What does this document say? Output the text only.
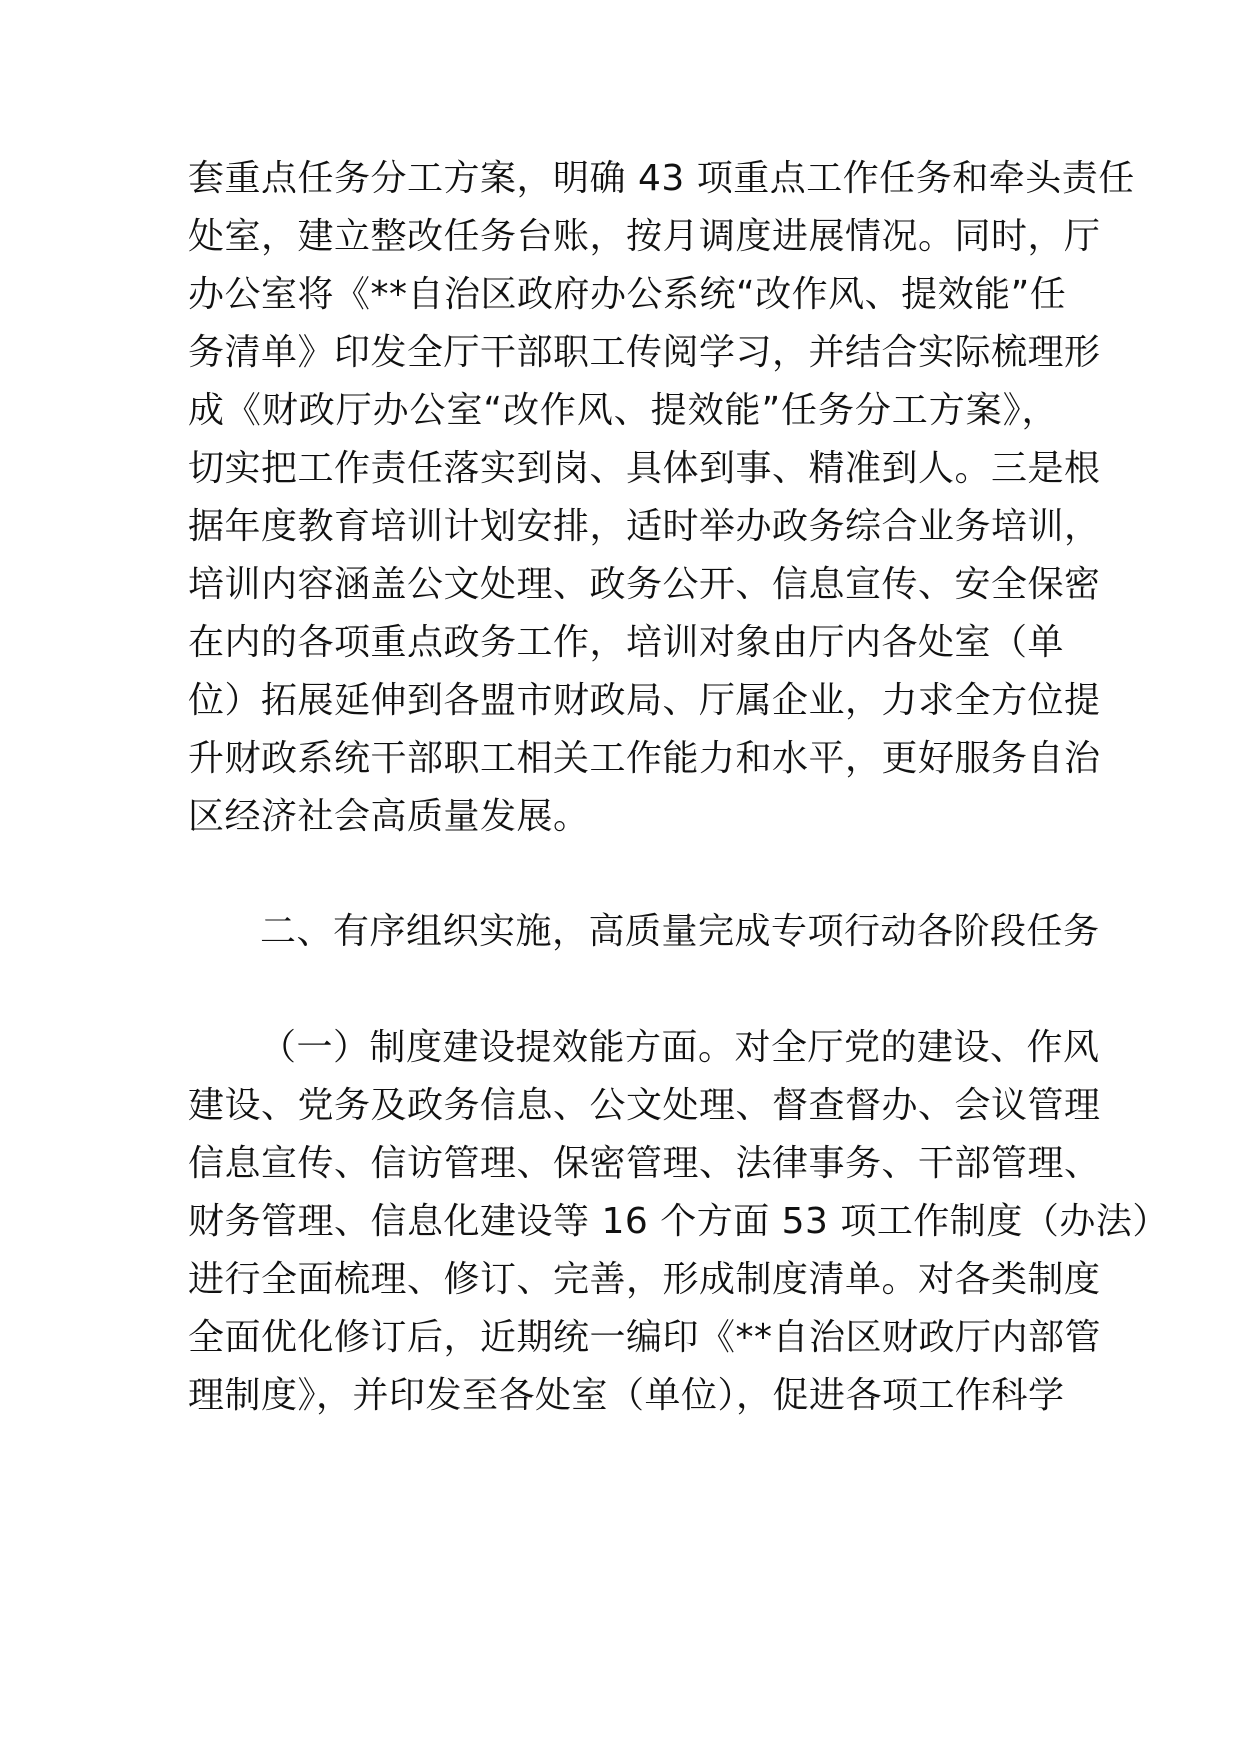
套重点任务分工方案，明确 43 项重点工作任务和牵头责任
处室，建立整改任务台账，按月调度进展情况。同时，厅
办公室将《**自治区政府办公系统“改作风、提效能”任
务清单》印发全厅干部职工传阅学习，并结合实际梳理形
成《财政厅办公室“改作风、提效能”任务分工方案》，
切实把工作责任落实到岗、具体到事、精准到人。三是根
据年度教育培训计划安排，适时举办政务综合业务培训，
培训内容涵盖公文处理、政务公开、信息宣传、安全保密
在内的各项重点政务工作，培训对象由厅内各处室（单
位）拓展延伸到各盟市财政局、厅属企业，力求全方位提
升财政系统干部职工相关工作能力和水平，更好服务自治
区经济社会高质量发展。
二、有序组织实施，高质量完成专项行动各阶段任务
（一）制度建设提效能方面。对全厅党的建设、作风
建设、党务及政务信息、公文处理、督查督办、会议管理
信息宣传、信访管理、保密管理、法律事务、干部管理、
财务管理、信息化建设等 16 个方面 53 项工作制度（办法）
进行全面梳理、修订、完善，形成制度清单。对各类制度
全面优化修订后，近期统一编印《**自治区财政厅内部管
理制度》，并印发至各处室（单位），促进各项工作科学
